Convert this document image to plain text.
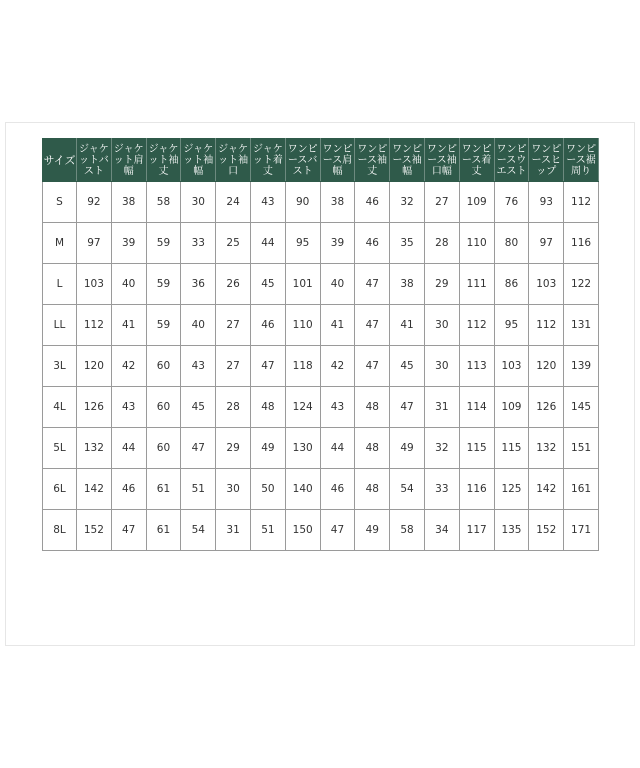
サイズ	ジャケットバスト	ジャケット肩幅	ジャケット袖丈	ジャケット袖幅	ジャケット袖口	ジャケット着丈	ワンピースバスト	ワンピース肩幅	ワンピース袖丈	ワンピース袖幅	ワンピース袖口幅	ワンピース着丈	ワンピースウエスト	ワンピースヒップ	ワンピース裾周り
S	92	38	58	30	24	43	90	38	46	32	27	109	76	93	112
M	97	39	59	33	25	44	95	39	46	35	28	110	80	97	116
L	103	40	59	36	26	45	101	40	47	38	29	111	86	103	122
LL	112	41	59	40	27	46	110	41	47	41	30	112	95	112	131
3L	120	42	60	43	27	47	118	42	47	45	30	113	103	120	139
4L	126	43	60	45	28	48	124	43	48	47	31	114	109	126	145
5L	132	44	60	47	29	49	130	44	48	49	32	115	115	132	151
6L	142	46	61	51	30	50	140	46	48	54	33	116	125	142	161
8L	152	47	61	54	31	51	150	47	49	58	34	117	135	152	171
